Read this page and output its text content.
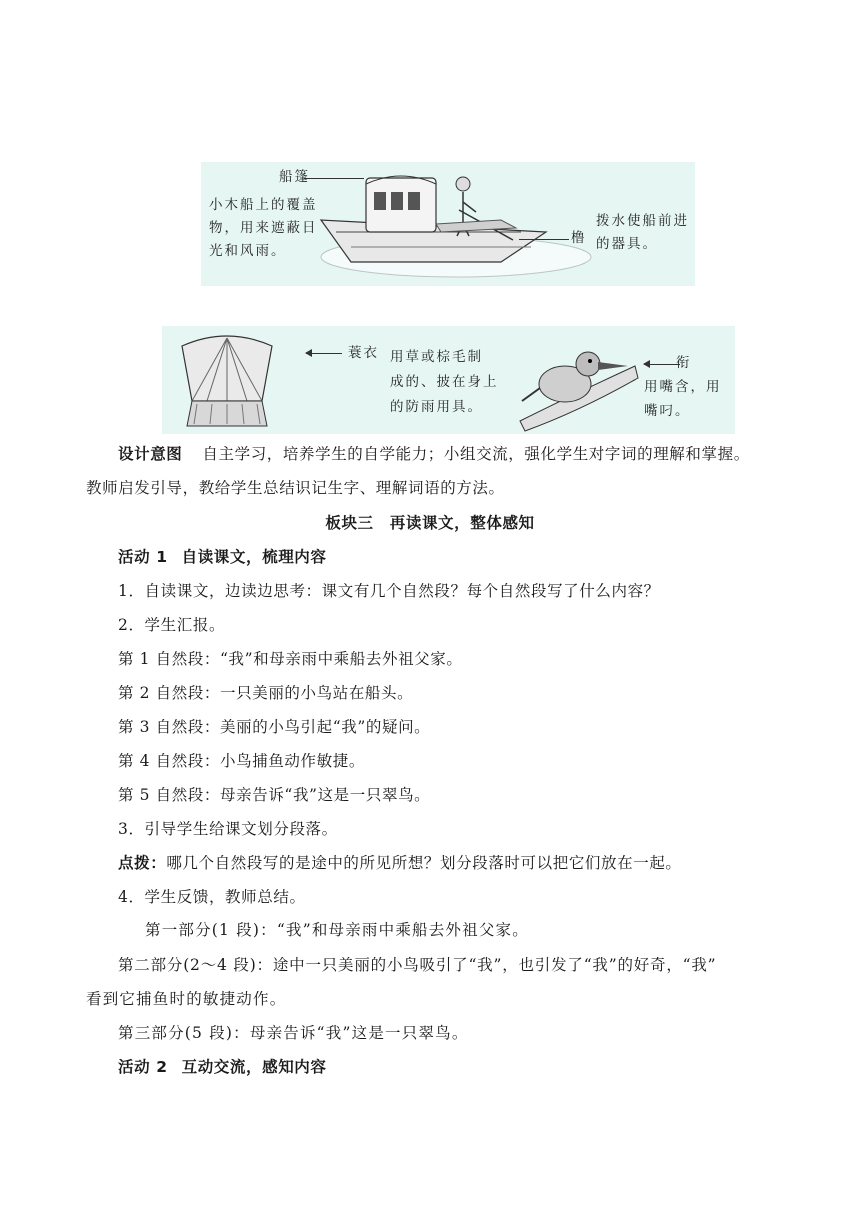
船篷
小木船上的覆盖
物，用来遮蔽日
光和风雨。
橹
拨水使船前进
的器具。
蓑衣 用草或棕毛制
成的、披在身上
的防雨用具。
衔
用嘴含，用
嘴叼。
设计意图 自主学习，培养学生的自学能力；小组交流，强化学生对字词的理解和掌握。
教师启发引导，教给学生总结识记生字、理解词语的方法。
板块三　再读课文，整体感知
活动 1 自读课文，梳理内容
1．自读课文，边读边思考：课文有几个自然段？每个自然段写了什么内容？
2．学生汇报。
第 1 自然段：“我”和母亲雨中乘船去外祖父家。
第 2 自然段：一只美丽的小鸟站在船头。
第 3 自然段：美丽的小鸟引起“我”的疑问。
第 4 自然段：小鸟捕鱼动作敏捷。
第 5 自然段：母亲告诉“我”这是一只翠鸟。
3．引导学生给课文划分段落。
点拨：哪几个自然段写的是途中的所见所想？划分段落时可以把它们放在一起。
4．学生反馈，教师总结。
第一部分(1 段)：“我”和母亲雨中乘船去外祖父家。
第二部分(2～4 段)：途中一只美丽的小鸟吸引了“我”，也引发了“我”的好奇，“我”
看到它捕鱼时的敏捷动作。
第三部分(5 段)：母亲告诉“我”这是一只翠鸟。
活动 2 互动交流，感知内容
